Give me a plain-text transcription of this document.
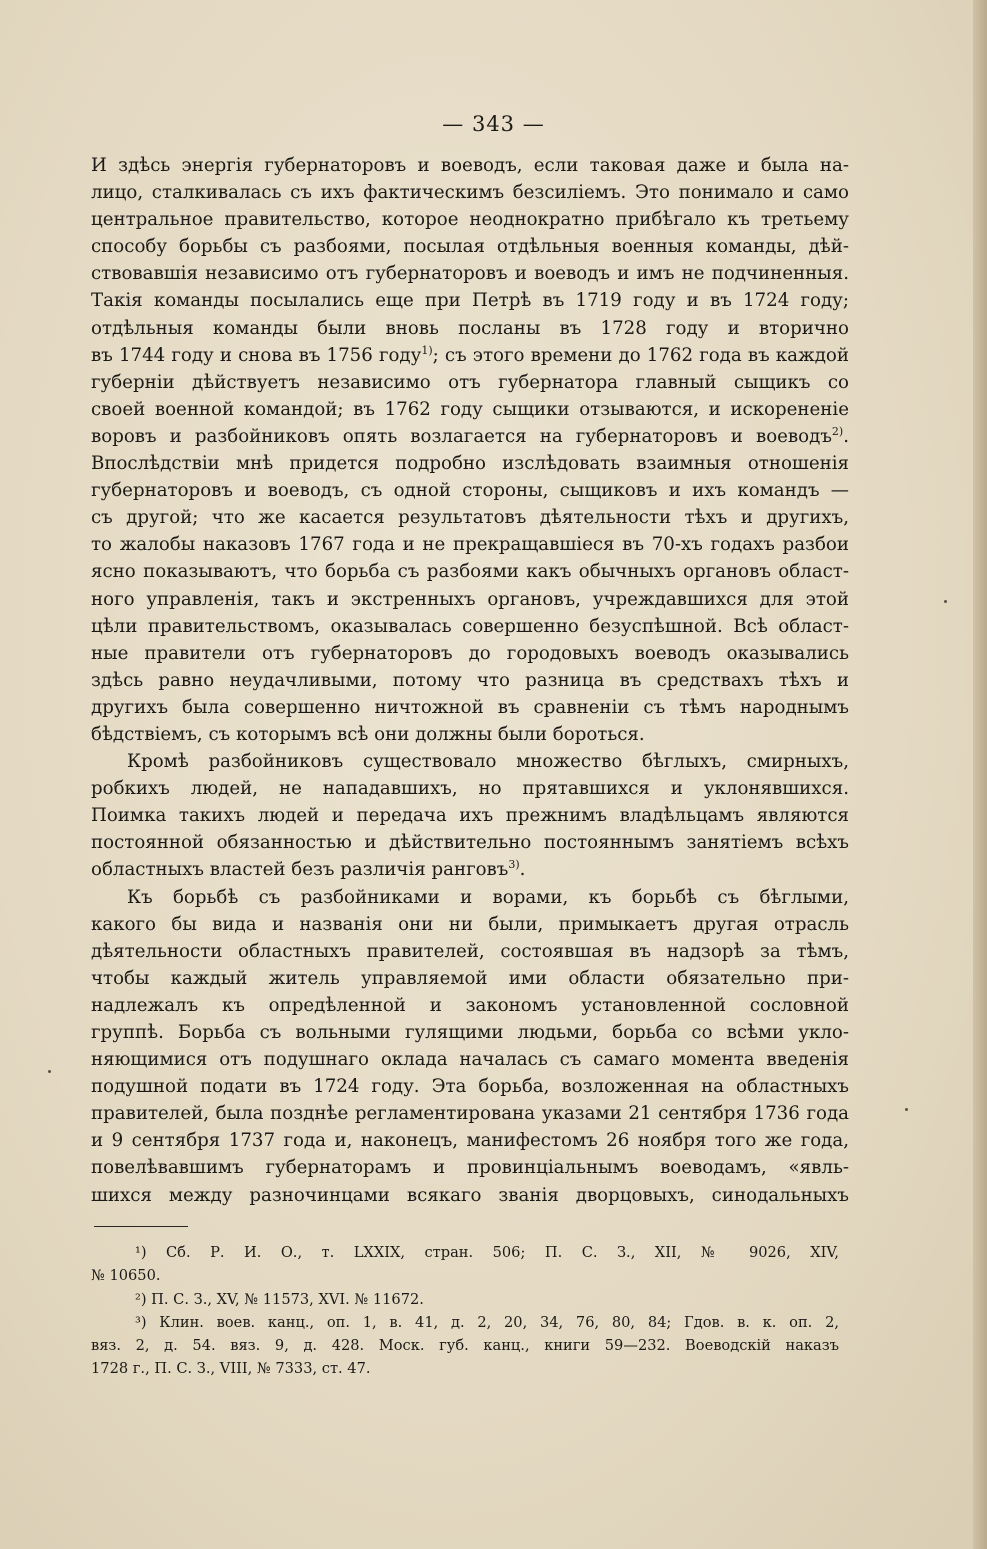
— 343 —
И здѣсь энергія губернаторовъ и воеводъ, если таковая даже и была на-
лицо, сталкивалась съ ихъ фактическимъ безсиліемъ. Это понимало и само
центральное правительство, которое неоднократно прибѣгало къ третьему
способу борьбы съ разбоями, посылая отдѣльныя военныя команды, дѣй-
ствовавшія независимо отъ губернаторовъ и воеводъ и имъ не подчиненныя.
Такія команды посылались еще при Петрѣ въ 1719 году и въ 1724 году;
отдѣльныя команды были вновь посланы въ 1728 году и вторично
въ 1744 году и снова въ 1756 году$^{1)}$; съ этого времени до 1762 года въ каждой
губерніи дѣйствуетъ независимо отъ губернатора главный сыщикъ со
своей военной командой; въ 1762 году сыщики отзываются, и искорененіе
воровъ и разбойниковъ опять возлагается на губернаторовъ и воеводъ$^{2)}$.
Впослѣдствіи мнѣ придется подробно изслѣдовать взаимныя отношенія
губернаторовъ и воеводъ, съ одной стороны, сыщиковъ и ихъ командъ —
съ другой; что же касается результатовъ дѣятельности тѣхъ и другихъ,
то жалобы наказовъ 1767 года и не прекращавшіеся въ 70-хъ годахъ разбои
ясно показываютъ, что борьба съ разбоями какъ обычныхъ органовъ област-
ного управленія, такъ и экстренныхъ органовъ, учреждавшихся для этой
цѣли правительствомъ, оказывалась совершенно безуспѣшной. Всѣ област-
ные правители отъ губернаторовъ до городовыхъ воеводъ оказывались
здѣсь равно неудачливыми, потому что разница въ средствахъ тѣхъ и
другихъ была совершенно ничтожной въ сравненіи съ тѣмъ народнымъ
бѣдствіемъ, съ которымъ всѣ они должны были бороться.
Кромѣ разбойниковъ существовало множество бѣглыхъ, смирныхъ,
робкихъ людей, не нападавшихъ, но прятавшихся и уклонявшихся.
Поимка такихъ людей и передача ихъ прежнимъ владѣльцамъ являются
постоянной обязанностью и дѣйствительно постояннымъ занятіемъ всѣхъ
областныхъ властей безъ различія ранговъ$^{3)}$.
Къ борьбѣ съ разбойниками и ворами, къ борьбѣ съ бѣглыми,
какого бы вида и названія они ни были, примыкаетъ другая отрасль
дѣятельности областныхъ правителей, состоявшая въ надзорѣ за тѣмъ,
чтобы каждый житель управляемой ими области обязательно при-
надлежалъ къ опредѣленной и закономъ установленной сословной
группѣ. Борьба съ вольными гулящими людьми, борьба со всѣми укло-
няющимися отъ подушнаго оклада началась съ самаго момента введенія
подушной подати въ 1724 году. Эта борьба, возложенная на областныхъ
правителей, была позднѣе регламентирована указами 21 сентября 1736 года
и 9 сентября 1737 года и, наконецъ, манифестомъ 26 ноября того же года,
повелѣвавшимъ губернаторамъ и провинціальнымъ воеводамъ, «явль-
шихся между разночинцами всякаго званія дворцовыхъ, синодальныхъ
¹) Сб. Р. И. О., т. LXXIX, стран. 506; П. С. З., XII, № 9026, XIV,
№ 10650.
²) П. С. З., XV, № 11573, XVI. № 11672.
³) Клин. воев. канц., оп. 1, в. 41, д. 2, 20, 34, 76, 80, 84; Гдов. в. к. оп. 2,
вяз. 2, д. 54. вяз. 9, д. 428. Моск. губ. канц., книги 59—232. Воеводскій наказъ
1728 г., П. С. З., VIII, № 7333, ст. 47.
